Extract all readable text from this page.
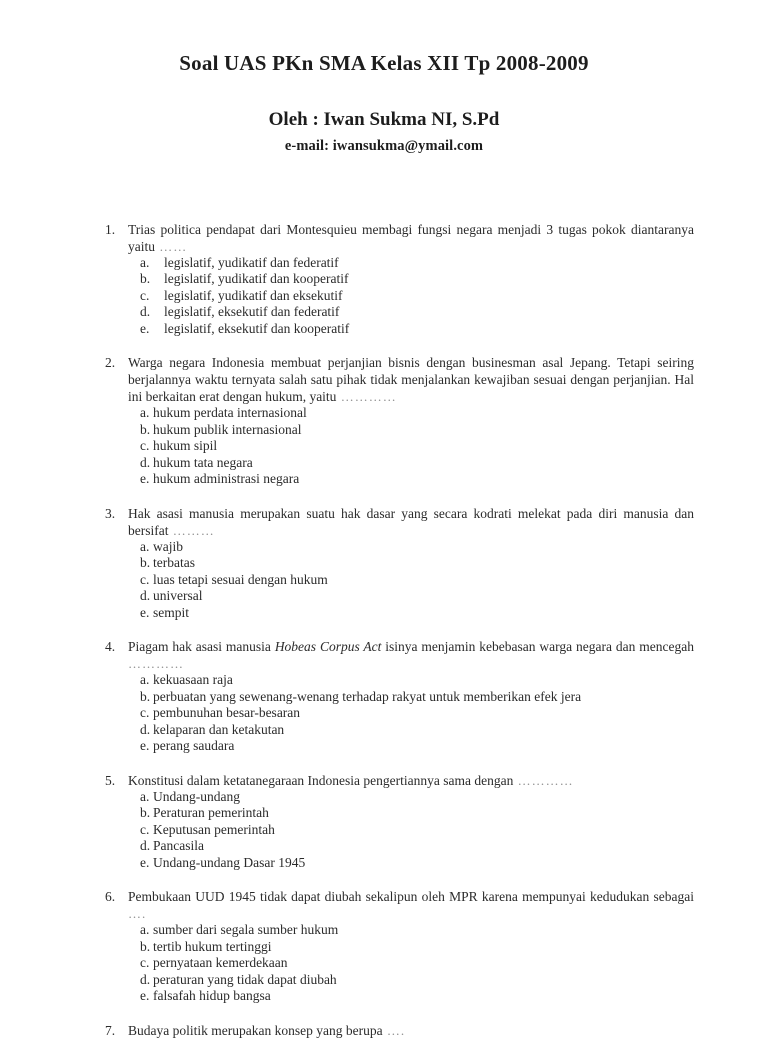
Soal UAS PKn SMA Kelas XII Tp 2008-2009
Oleh : Iwan Sukma NI, S.Pd
e-mail: iwansukma@ymail.com
1. Trias politica pendapat dari Montesquieu membagi fungsi negara menjadi 3 tugas pokok diantaranya yaitu ……
a.	legislatif, yudikatif dan federatif
b.	legislatif, yudikatif dan kooperatif
c.	legislatif, yudikatif dan eksekutif
d.	legislatif, eksekutif dan federatif
e.	legislatif, eksekutif dan kooperatif
2. Warga negara Indonesia membuat perjanjian bisnis dengan businesman asal Jepang. Tetapi seiring berjalannya waktu ternyata salah satu pihak tidak menjalankan kewajiban sesuai dengan perjanjian. Hal ini berkaitan erat dengan hukum, yaitu …………
a. hukum perdata internasional
b. hukum publik internasional
c. hukum sipil
d. hukum tata negara
e. hukum administrasi negara
3. Hak asasi manusia merupakan suatu hak dasar yang secara kodrati melekat pada diri manusia dan bersifat ………
a. wajib
b. terbatas
c. luas tetapi sesuai dengan hukum
d. universal
e. sempit
4. Piagam hak asasi manusia Hobeas Corpus Act isinya menjamin kebebasan warga negara dan mencegah …………
a. kekuasaan raja
b. perbuatan yang sewenang-wenang terhadap rakyat untuk memberikan efek jera
c. pembunuhan besar-besaran
d. kelaparan dan ketakutan
e. perang saudara
5. Konstitusi dalam ketatanegaraan Indonesia pengertiannya sama dengan …………
a. Undang-undang
b. Peraturan pemerintah
c. Keputusan pemerintah
d. Pancasila
e. Undang-undang Dasar 1945
6. Pembukaan UUD 1945 tidak dapat diubah sekalipun oleh MPR karena mempunyai kedudukan sebagai ….
a. sumber dari segala sumber hukum
b. tertib hukum tertinggi
c. pernyataan kemerdekaan
d. peraturan yang tidak dapat diubah
e. falsafah hidup bangsa
7. Budaya politik merupakan konsep yang berupa ….
